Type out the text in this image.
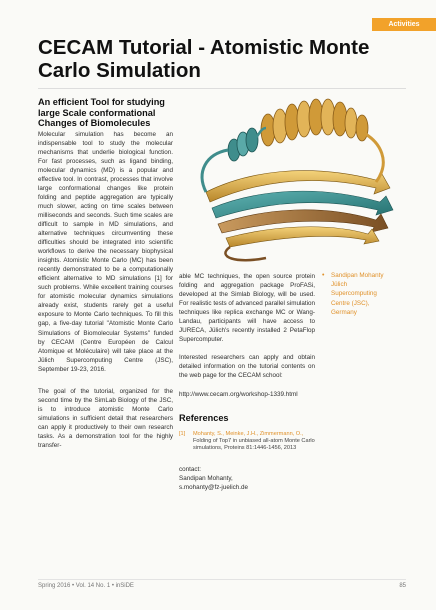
Activities
CECAM Tutorial - Atomistic Monte Carlo Simulation
An efficient Tool for studying large Scale conformational Changes of Biomolecules

Molecular simulation has become an indispensable tool to study the molecular mechanisms that underlie biological function. For fast processes, such as ligand binding, molecular dynamics (MD) is a popular and effective tool. In contrast, processes that involve large conformational changes like protein folding and peptide aggregation are typically much slower, acting on time scales between milliseconds and seconds. Such time scales are difficult to sample in MD simulations, and alternative techniques circumventing these difficulties should be integrated into scientific workflows to derive the necessary biophysical insights. Atomistic Monte Carlo (MC) has been recently demonstrated to be a computationally efficient alternative to MD simulations [1] for such problems. While excellent training courses for atomistic molecular dynamics simulations already exist, students rarely get a useful exposure to Monte Carlo techniques. To fill this gap, a five-day tutorial "Atomistic Monte Carlo Simulations of Biomolecular Systems" funded by CECAM (Centre Européen de Calcul Atomique et Moléculaire) will take place at the Jülich Supercomputing Centre (JSC), September 19-23, 2016.

The goal of the tutorial, organized for the second time by the SimLab Biology of the JSC, is to introduce atomistic Monte Carlo simulations in sufficient detail that researchers can apply it productively to their own research tasks. As a demonstration tool for the highly transfer-

able MC techniques, the open source protein folding and aggregation package ProFASi, developed at the Simlab Biology, will be used. For realistic tests of advanced parallel simulation techniques like replica exchange MC or Wang-Landau, participants will have access to JURECA, Jülich's recently installed 2 PetaFlop Supercomputer.

Interested researchers can apply and obtain detailed information on the tutorial contents on the web page for the CECAM school:

http://www.cecam.org/workshop-1339.html
References
[1]	Mohanty, S., Meinke, J.H., Zimmermann, O.,
Folding of Top7 in unbiased all-atom Monte Carlo simulations, Proteins 81:1446-1456, 2013
contact:
Sandipan Mohanty,
s.mohanty@fz-juelich.de
•	Sandipan Mohanty
Jülich
Supercomputing
Centre (JSC),
Germany
Spring 2016 • Vol. 14 No. 1 • inSiDE	85
